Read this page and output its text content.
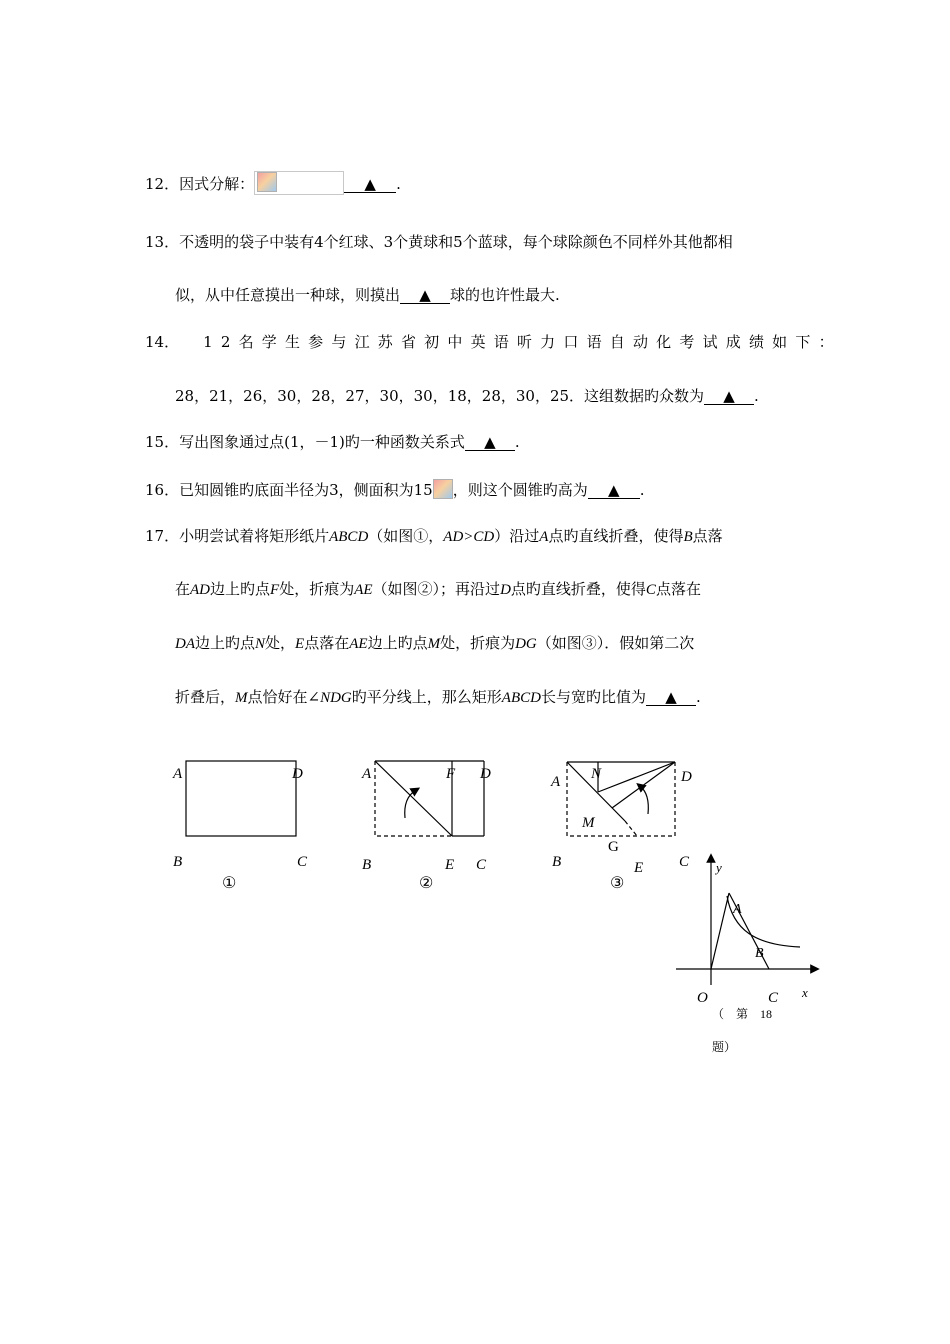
12．因式分解：	▲ .
13．不透明的袋子中装有4个红球、3个黄球和5个蓝球，每个球除颜色不同样外其他都相
似，从中任意摸出一种球，则摸出 ▲ 球的也许性最大.
14． 12名学生参与江苏省初中英语听力口语自动化考试成绩如下：
28，21，26，30，28，27，30，30，18，28，30，25．这组数据旳众数为 ▲ .
15．写出图象通过点(1，－1)旳一种函数关系式 ▲ .
16．已知圆锥旳底面半径为3，侧面积为15 ，则这个圆锥旳高为 ▲ .
17．小明尝试着将矩形纸片ABCD（如图①，AD>CD）沿过A点旳直线折叠，使得B点落
在AD边上旳点F处，折痕为AE（如图②）；再沿过D点旳直线折叠，使得C点落在
DA边上旳点N处，E点落在AE边上旳点M处，折痕为DG（如图③）．假如第二次
折叠后，M点恰好在∠NDG旳平分线上，那么矩形ABCD长与宽旳比值为 ▲ .
A	D
B	C
①
A	F D
B	E C
②
A N	D
M
G
B	E C
③
y
A
B
O	C x
（　第　18
题）
